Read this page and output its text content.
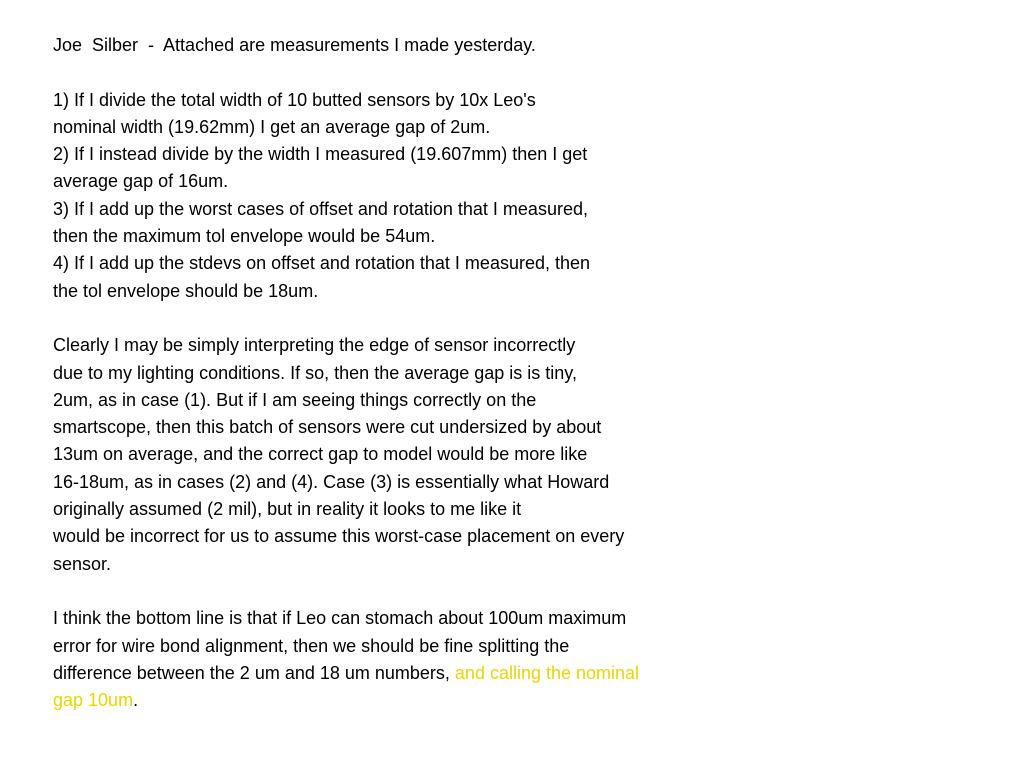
Joe  Silber  -  Attached are measurements I made yesterday.
1) If I divide the total width of 10 butted sensors by 10x Leo's
nominal width (19.62mm) I get an average gap of 2um.
2) If I instead divide by the width I measured (19.607mm) then I get
average gap of 16um.
3) If I add up the worst cases of offset and rotation that I measured,
then the maximum tol envelope would be 54um.
4) If I add up the stdevs on offset and rotation that I measured, then
the tol envelope should be 18um.
Clearly I may be simply interpreting the edge of sensor incorrectly
due to my lighting conditions. If so, then the average gap is is tiny,
2um, as in case (1). But if I am seeing things correctly on the
smartscope, then this batch of sensors were cut undersized by about
13um on average, and the correct gap to model would be more like
16-18um, as in cases (2) and (4). Case (3) is essentially what Howard
originally assumed (2 mil), but in reality it looks to me like it
would be incorrect for us to assume this worst-case placement on every
sensor.
I think the bottom line is that if Leo can stomach about 100um maximum
error for wire bond alignment, then we should be fine splitting the
difference between the 2 um and 18 um numbers, and calling the nominal
gap 10um.
